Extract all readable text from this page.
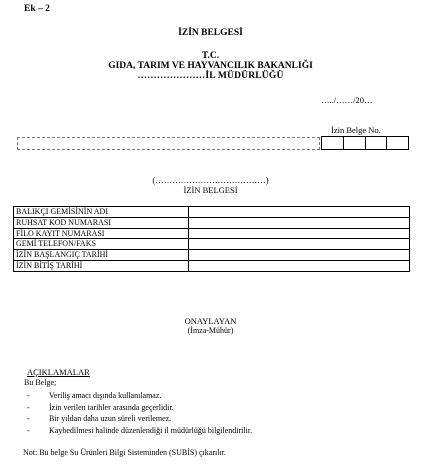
Ek – 2
İZİN BELGESİ
T.C.
GIDA, TARIM VE HAYVANCILIK BAKANLIĞI
…………………İL MÜDÜRLÜĞÜ
…../……/20…
İzin Belge No.
(…………………………………)
İZİN BELGESİ
BALIKÇI GEMİSİNİN ADI	
RUHSAT KOD NUMARASI	
FİLO KAYIT NUMARASI	
GEMİ TELEFON/FAKS	
İZİN BAŞLANGIÇ TARİHİ	
İZİN BİTİŞ TARİHİ	
ONAYLAYAN
(İmza-Mühür)
AÇIKLAMALAR
Bu Belge;
- Veriliş amacı dışında kullanılamaz.
- İzin verilen tarihler arasında geçerlidir.
- Bir yıldan daha uzun süreli verilemez.
- Kaybedilmesi halinde düzenlendiği il müdürlüğü bilgilendirilir.
Not: Bu belge Su Ürünleri Bilgi Sisteminden (SUBİS) çıkarılır.
